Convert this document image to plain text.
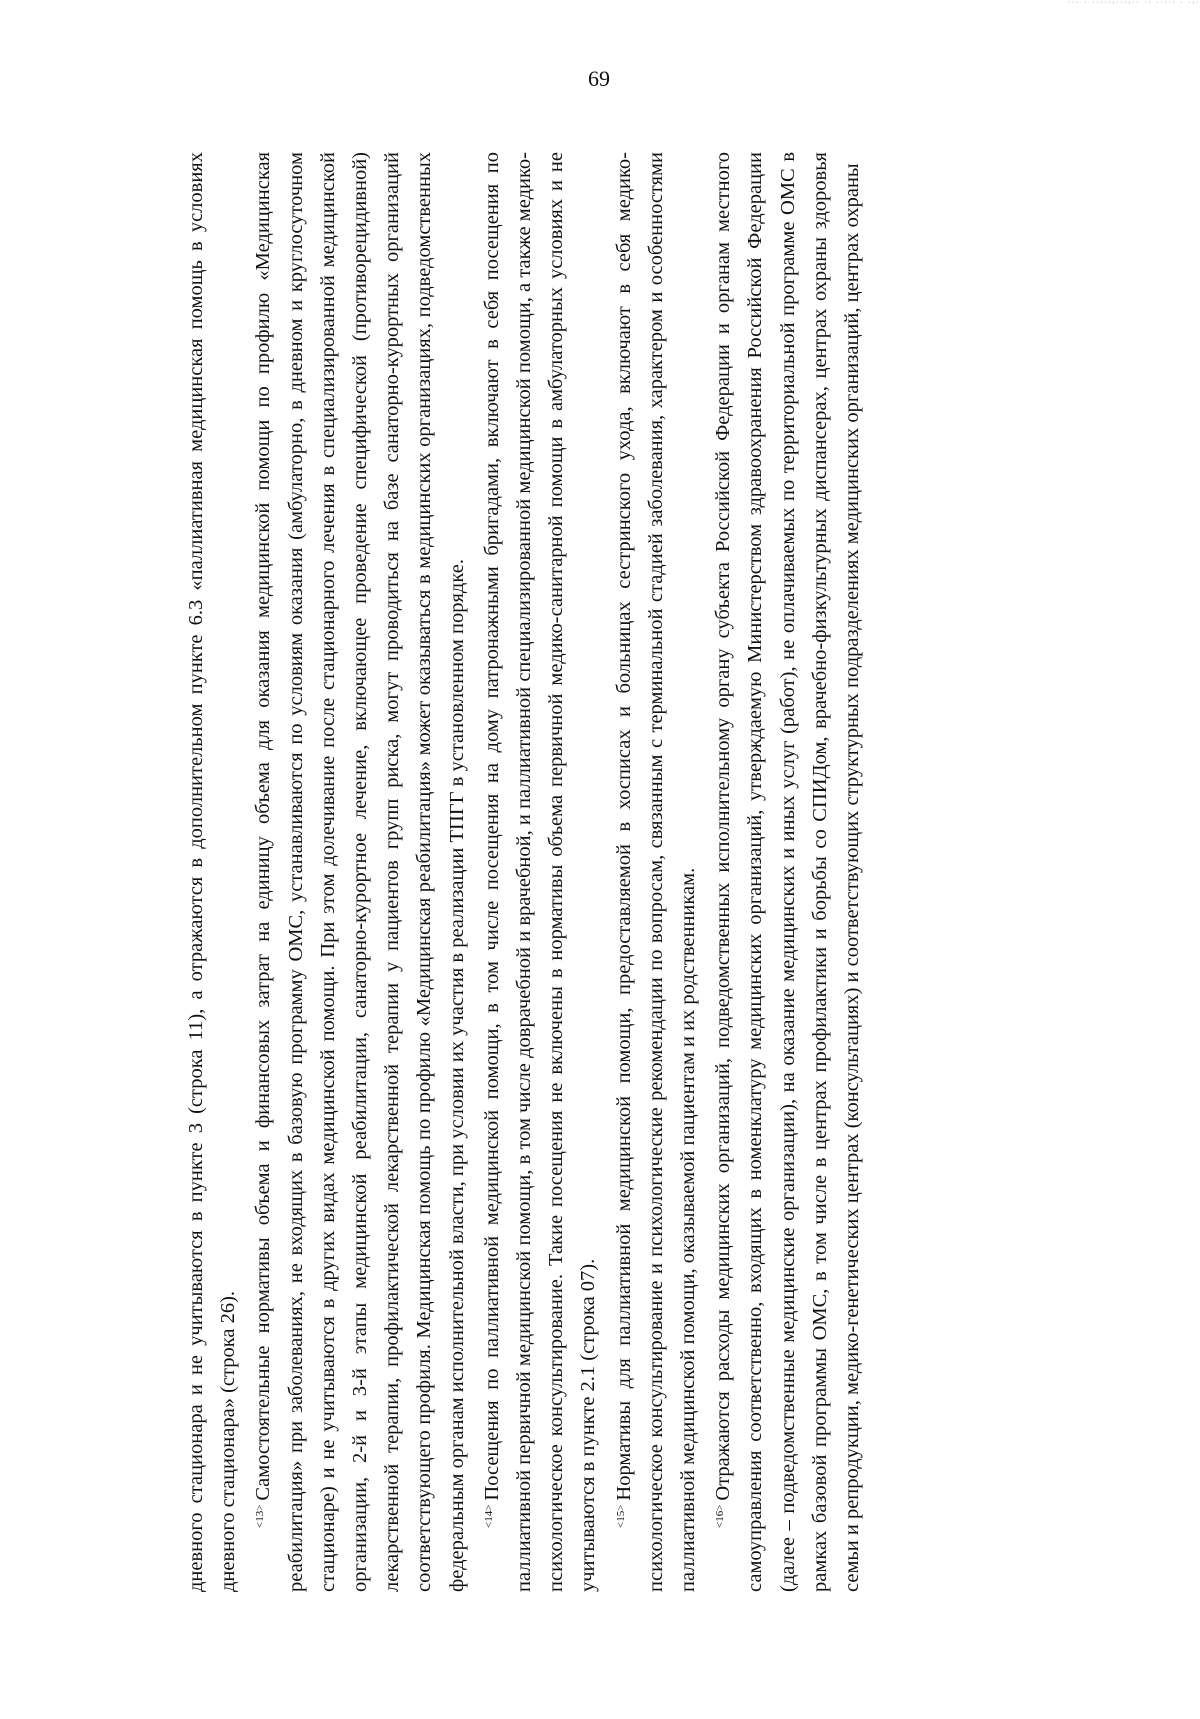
··· · ·····:···:·· ·· ····· · ·:·
69

дневного стационара и не учитываются в пункте 3 (строка 11), а отражаются в дополнительном пункте 6.3 «паллиативная медицинская помощь в условиях дневного стационара» (строка 26).	$^{<13>}$Самостоятельные нормативы объема и финансовых затрат на единицу объема для оказания медицинской помощи по профилю «Медицинская реабилитация» при заболеваниях, не входящих в базовую программу ОМС, устанавливаются по условиям оказания (амбулаторно, в дневном и круглосуточном стационаре) и не учитываются в других видах медицинской помощи. При этом долечивание после стационарного лечения в специализированной медицинской организации, 2-й и 3-й этапы медицинской реабилитации, санаторно-курортное лечение, включающее проведение специфической (противорецидивной) лекарственной терапии, профилактической лекарственной терапии у пациентов групп риска, могут проводиться на базе санаторно-курортных организаций соответствующего профиля. Медицинская помощь по профилю «Медицинская реабилитация» может оказываться в медицинских организациях, подведомственных федеральным органам исполнительной власти, при условии их участия в реализации ТПГГ в установленном порядке.	$^{<14>}$Посещения по паллиативной медицинской помощи, в том числе посещения на дому патронажными бригадами, включают в себя посещения по паллиативной первичной медицинской помощи, в том числе доврачебной и врачебной, и паллиативной специализированной медицинской помощи, а также медико-психологическое консультирование. Такие посещения не включены в нормативы объема первичной медико-санитарной помощи в амбулаторных условиях и не учитываются в пункте 2.1 (строка 07).	$^{<15>}$Нормативы для паллиативной медицинской помощи, предоставляемой в хосписах и больницах сестринского ухода, включают в себя медико-психологическое консультирование и психологические рекомендации по вопросам, связанным с терминальной стадией заболевания, характером и особенностями паллиативной медицинской помощи, оказываемой пациентам и их родственникам.	$^{<16>}$Отражаются расходы медицинских организаций, подведомственных исполнительному органу субъекта Российской Федерации и органам местного самоуправления соответственно, входящих в номенклатуру медицинских организаций, утверждаемую Министерством здравоохранения Российской Федерации (далее – подведомственные медицинские организации), на оказание медицинских и иных услуг (работ), не оплачиваемых по территориальной программе ОМС в рамках базовой программы ОМС, в том числе в центрах профилактики и борьбы со СПИДом, врачебно-физкультурных диспансерах, центрах охраны здоровья семьи и репродукции, медико-генетических центрах (консультациях) и соответствующих структурных подразделениях медицинских организаций, центрах охраны
